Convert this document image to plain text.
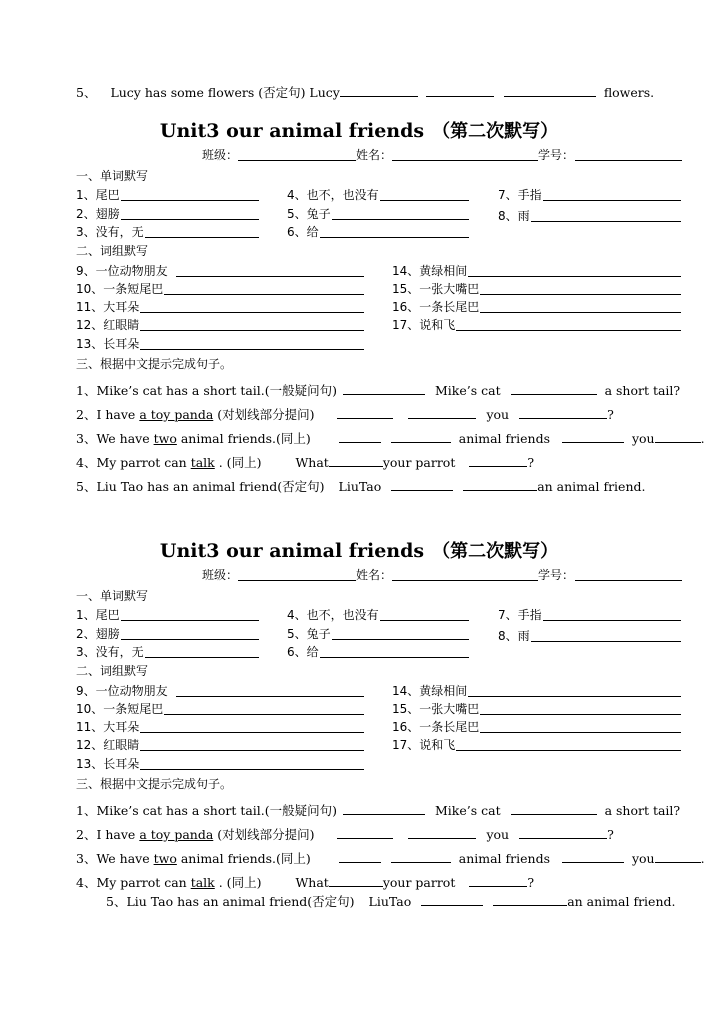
5、 Lucy has some flowers (否定句) Lucy	flowers.
Unit3 our animal friends （第二次默写）
班级：	姓名：	学号：
一、单词默写
1、尾巴	4、也不，也没有	7、手指
2、翅膀	5、兔子	8、雨
3、没有，无	6、给
二、词组默写
9、一位动物朋友	14、黄绿相间
10、一条短尾巴	15、一张大嘴巴
11、大耳朵	16、一条长尾巴
12、红眼睛	17、说和飞
13、长耳朵
三、根据中文提示完成句子。
1、Mike’s cat has a short tail.(一般疑问句)	Mike’s cat	a short tail?
2、I have a toy panda (对划线部分提问)	you	?
3、We have two animal friends.(同上)	animal friends	you	.
4、My parrot can talk . (同上)	What	your parrot	?
5、Liu Tao has an animal friend(否定句) LiuTao	an animal friend.
Unit3 our animal friends （第二次默写）
班级：	姓名：	学号：
一、单词默写
1、尾巴	4、也不，也没有	7、手指
2、翅膀	5、兔子	8、雨
3、没有，无	6、给
二、词组默写
9、一位动物朋友	14、黄绿相间
10、一条短尾巴	15、一张大嘴巴
11、大耳朵	16、一条长尾巴
12、红眼睛	17、说和飞
13、长耳朵
三、根据中文提示完成句子。
1、Mike’s cat has a short tail.(一般疑问句)	Mike’s cat	a short tail?
2、I have a toy panda (对划线部分提问)	you	?
3、We have two animal friends.(同上)	animal friends	you	.
4、My parrot can talk . (同上)	What	your parrot	?
5、Liu Tao has an animal friend(否定句) LiuTao	an animal friend.
